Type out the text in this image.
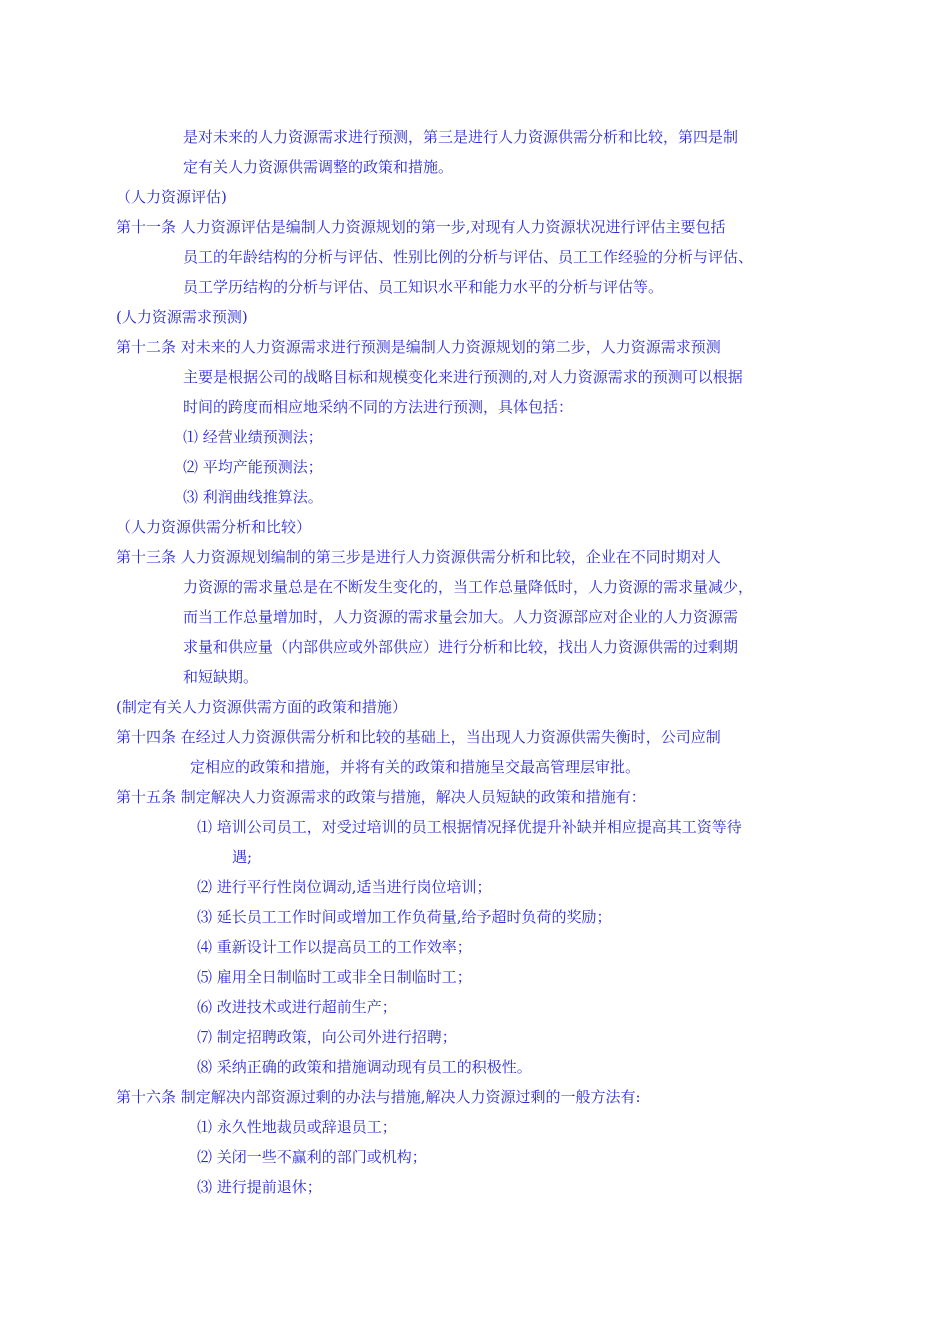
是对未来的人力资源需求进行预测，第三是进行人力资源供需分析和比较，第四是制
定有关人力资源供需调整的政策和措施。
（人力资源评估)
第十一条 人力资源评估是编制人力资源规划的第一步,对现有人力资源状况进行评估主要包括
员工的年龄结构的分析与评估、性别比例的分析与评估、员工工作经验的分析与评估、
员工学历结构的分析与评估、员工知识水平和能力水平的分析与评估等。
(人力资源需求预测)
第十二条 对未来的人力资源需求进行预测是编制人力资源规划的第二步，人力资源需求预测
主要是根据公司的战略目标和规模变化来进行预测的,对人力资源需求的预测可以根据
时间的跨度而相应地采纳不同的方法进行预测，具体包括：
⑴ 经营业绩预测法；
⑵ 平均产能预测法；
⑶ 利润曲线推算法。
（人力资源供需分析和比较）
第十三条 人力资源规划编制的第三步是进行人力资源供需分析和比较，企业在不同时期对人
力资源的需求量总是在不断发生变化的，当工作总量降低时，人力资源的需求量减少，
而当工作总量增加时，人力资源的需求量会加大。人力资源部应对企业的人力资源需
求量和供应量（内部供应或外部供应）进行分析和比较，找出人力资源供需的过剩期
和短缺期。
(制定有关人力资源供需方面的政策和措施）
第十四条 在经过人力资源供需分析和比较的基础上，当出现人力资源供需失衡时，公司应制
定相应的政策和措施，并将有关的政策和措施呈交最高管理层审批。
第十五条 制定解决人力资源需求的政策与措施，解决人员短缺的政策和措施有：
⑴ 培训公司员工，对受过培训的员工根据情况择优提升补缺并相应提高其工资等待
遇;
⑵ 进行平行性岗位调动,适当进行岗位培训；
⑶ 延长员工工作时间或增加工作负荷量,给予超时负荷的奖励；
⑷ 重新设计工作以提高员工的工作效率；
⑸ 雇用全日制临时工或非全日制临时工；
⑹ 改进技术或进行超前生产；
⑺ 制定招聘政策，向公司外进行招聘；
⑻ 采纳正确的政策和措施调动现有员工的积极性。
第十六条 制定解决内部资源过剩的办法与措施,解决人力资源过剩的一般方法有:
⑴ 永久性地裁员或辞退员工；
⑵ 关闭一些不赢利的部门或机构；
⑶ 进行提前退休；
